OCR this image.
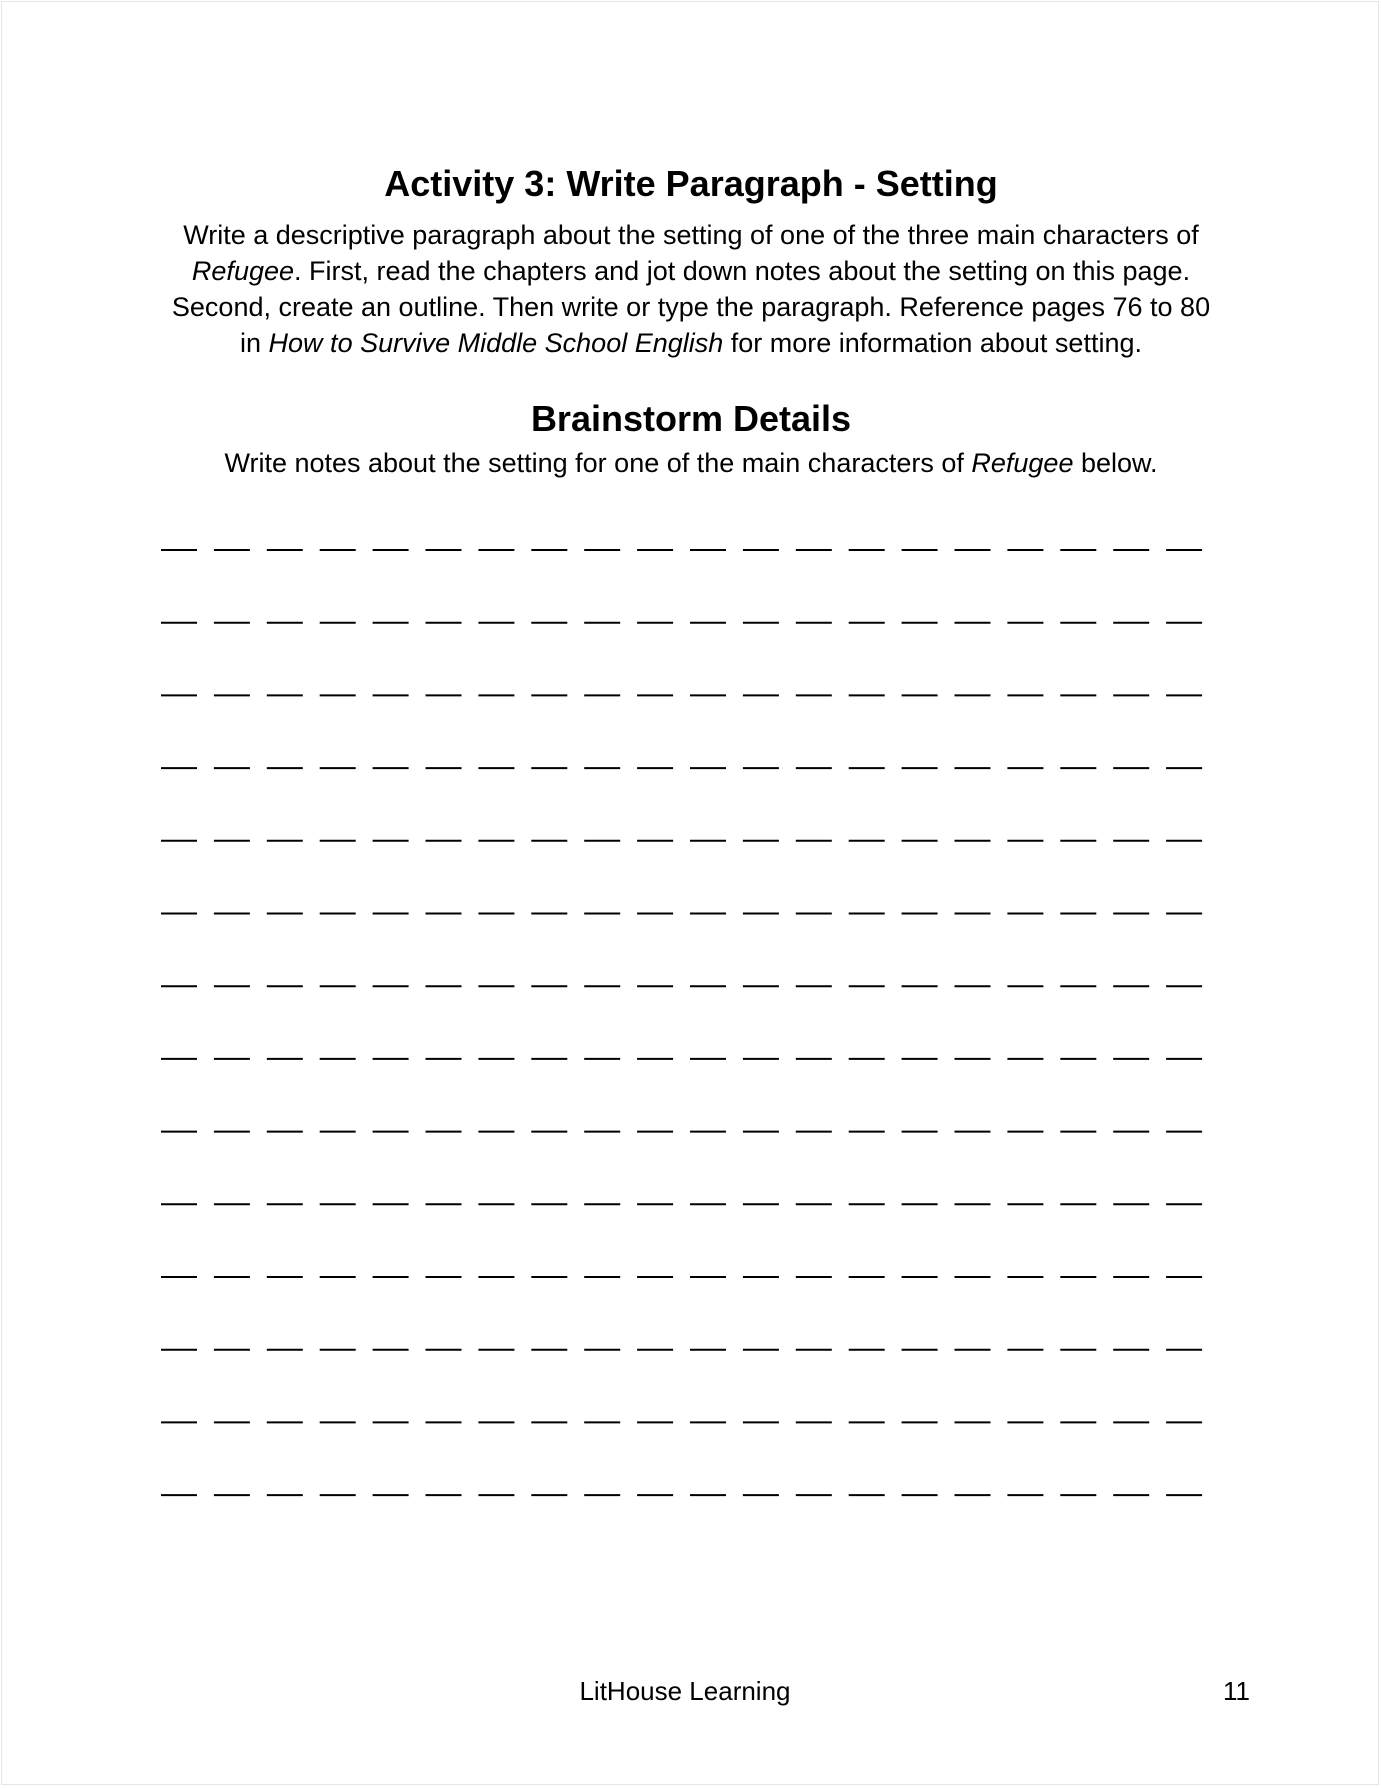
Activity 3: Write Paragraph - Setting

Write a descriptive paragraph about the setting of one of the three main characters of Refugee. First, read the chapters and jot down notes about the setting on this page. Second, create an outline. Then write or type the paragraph. Reference pages 76 to 80 in How to Survive Middle School English for more information about setting.

Brainstorm Details

Write notes about the setting for one of the main characters of Refugee below.

LitHouse Learning	11
